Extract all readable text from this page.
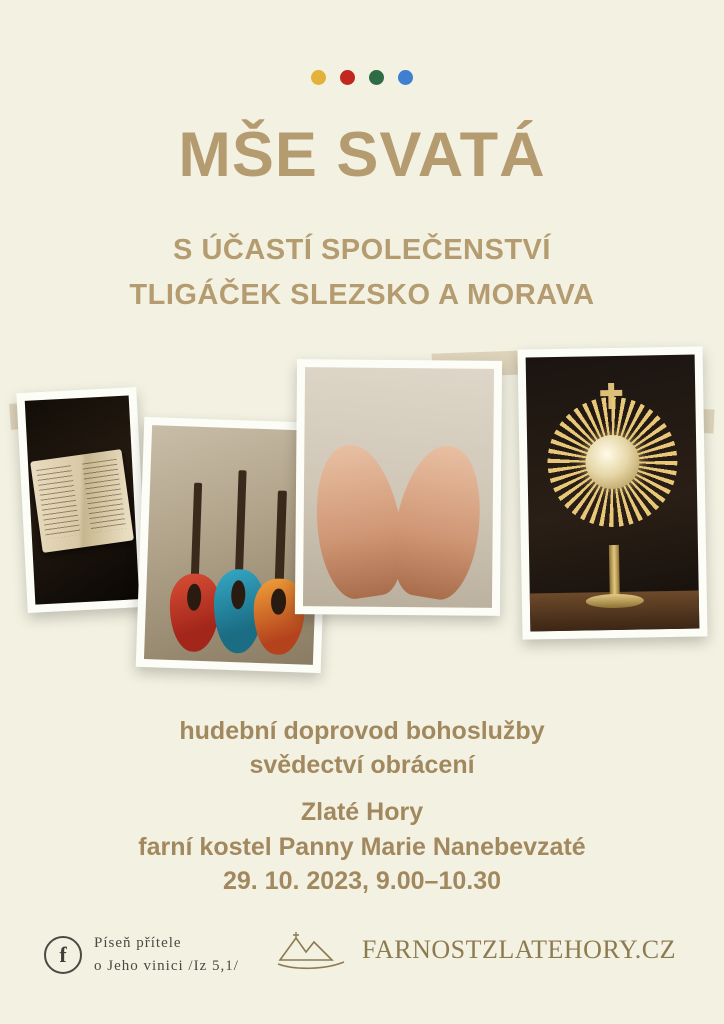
MŠE SVATÁ
S ÚČASTÍ SPOLEČENSTVÍ
TLIGÁČEK SLEZSKO A MORAVA
hudební doprovod bohoslužby
svědectví obrácení
Zlaté Hory
farní kostel Panny Marie Nanebevzaté
29. 10. 2023, 9.00–10.30
f	Píseň přítele
o Jeho vinici /Iz 5,1/
FARNOSTZLATEHORY.CZ
